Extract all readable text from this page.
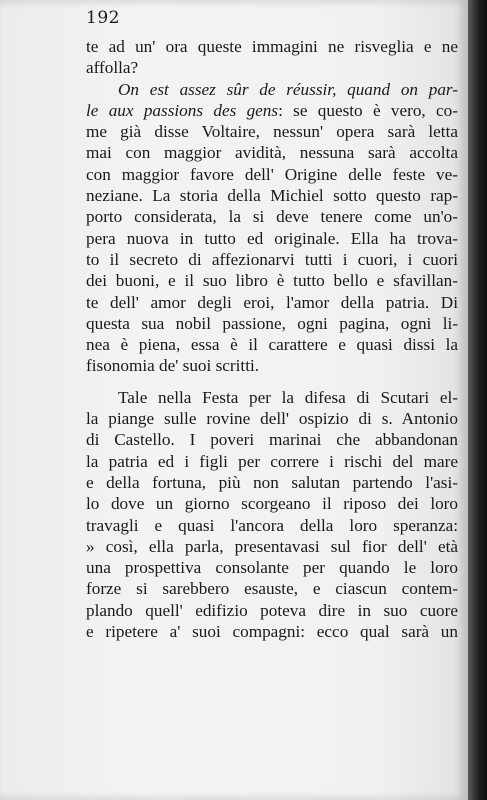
192
te ad un' ora queste immagini ne risveglia e ne
affolla?
On est assez sûr de réussir, quand on par-
le aux passions des gens: se questo è vero, co-
me già disse Voltaire, nessun' opera sarà letta
mai con maggior avidità, nessuna sarà accolta
con maggior favore dell' Origine delle feste ve-
neziane. La storia della Michiel sotto questo rap-
porto considerata, la si deve tenere come un'o-
pera nuova in tutto ed originale. Ella ha trova-
to il secreto di affezionarvi tutti i cuori, i cuori
dei buoni, e il suo libro è tutto bello e sfavillan-
te dell' amor degli eroi, l'amor della patria. Di
questa sua nobil passione, ogni pagina, ogni li-
nea è piena, essa è il carattere e quasi dissi la
fisonomia de' suoi scritti.
Tale nella Festa per la difesa di Scutari el-
la piange sulle rovine dell' ospizio di s. Antonio
di Castello. I poveri marinai che abbandonan
la patria ed i figli per correre i rischi del mare
e della fortuna, più non salutan partendo l'asi-
lo dove un giorno scorgeano il riposo dei loro
travagli e quasi l'ancora della loro speranza:
» così, ella parla, presentavasi sul fior dell' età
una prospettiva consolante per quando le loro
forze si sarebbero esauste, e ciascun contem-
plando quell' edifizio poteva dire in suo cuore
e ripetere a' suoi compagni: ecco qual sarà un
